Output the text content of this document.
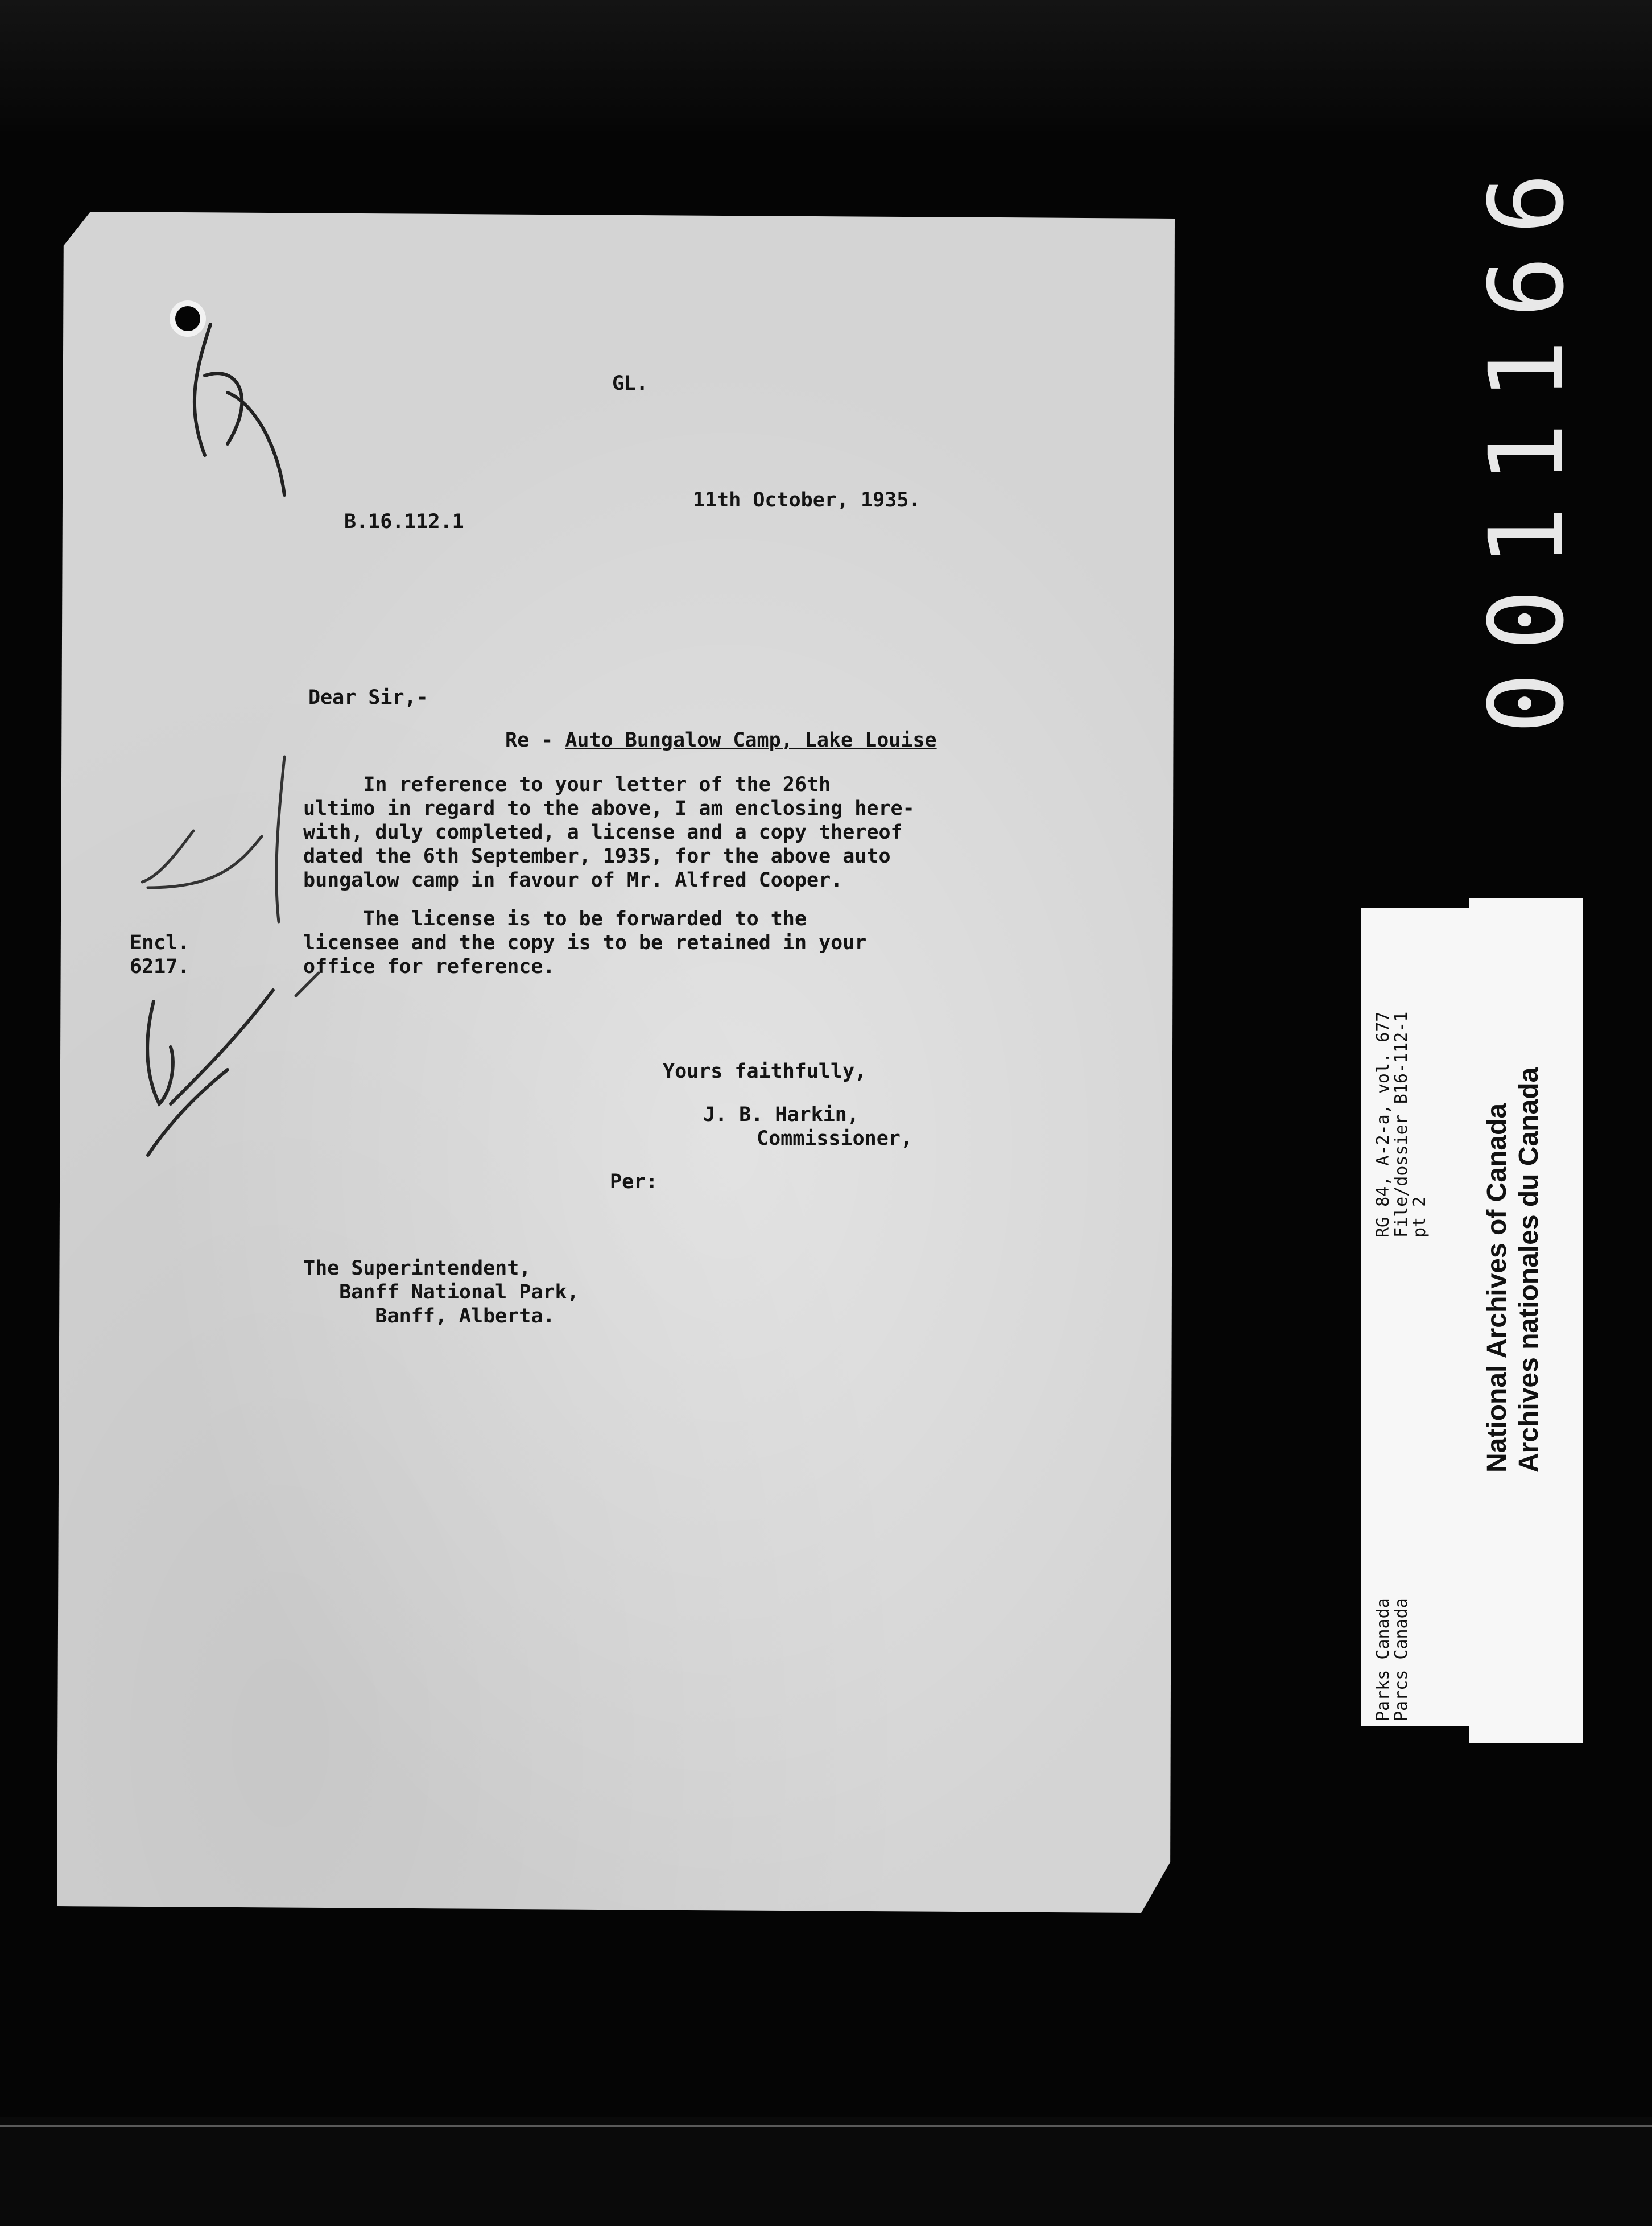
GL.
11th October, 1935.
B.16.112.1
Dear Sir,-
Re - Auto Bungalow Camp, Lake Louise
In reference to your letter of the 26th
ultimo in regard to the above, I am enclosing here-
with, duly completed, a license and a copy thereof
dated the 6th September, 1935, for the above auto
bungalow camp in favour of Mr. Alfred Cooper.
The license is to be forwarded to the
licensee and the copy is to be retained in your
office for reference.
Encl.
6217.
Yours faithfully,
J. B. Harkin,
Commissioner,
Per:
The Superintendent,
Banff National Park,
Banff, Alberta.
0011166
Parks Canada
Parcs Canada
RG 84, A-2-a, vol. 677
File/dossier B16-112-1
pt 2 National Archives of Canada Archives nationales du Canada
